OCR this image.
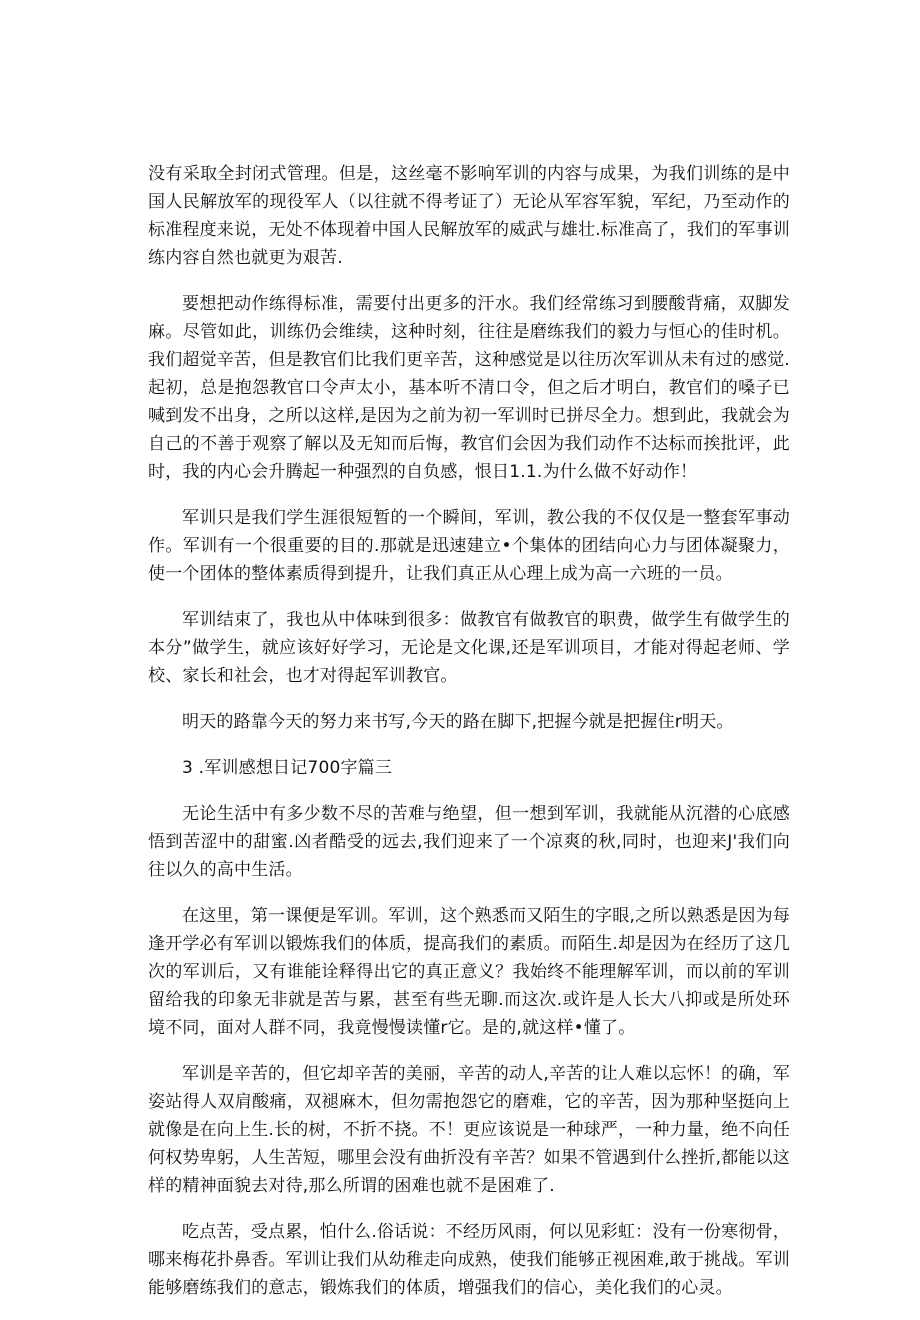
没有采取全封闭式管理。但是，这丝毫不影响军训的内容与成果，为我们训练的是中国人民解放军的现役军人（以往就不得考证了）无论从军容军貌，军纪，乃至动作的标准程度来说，无处不体现着中国人民解放军的威武与雄壮.标准高了，我们的军事训练内容自然也就更为艰苦.

要想把动作练得标准，需要付出更多的汗水。我们经常练习到腰酸背痛，双脚发麻。尽管如此，训练仍会维续，这种时刻，往往是磨练我们的毅力与恒心的佳时机。我们超觉辛苦，但是教官们比我们更辛苦，这种感觉是以往历次军训从未有过的感觉.起初，总是抱怨教官口令声太小，基本听不清口令，但之后才明白，教官们的嗓子已喊到发不出身，之所以这样,是因为之前为初一军训时已拼尽全力。想到此，我就会为自己的不善于观察了解以及无知而后悔，教官们会因为我们动作不达标而挨批评，此时，我的内心会升腾起一种强烈的自负感，恨日1.1.为什么做不好动作！

军训只是我们学生涯很短暂的一个瞬间，军训，教公我的不仅仅是一整套军事动作。军训有一个很重要的目的.那就是迅速建立•个集体的团结向心力与团体凝聚力，使一个团体的整体素质得到提升，让我们真正从心理上成为高一六班的一员。

军训结束了，我也从中体味到很多：做教官有做教官的职费，做学生有做学生的本分”做学生，就应该好好学习，无论是文化课,还是军训项目，才能对得起老师、学校、家长和社会，也才对得起军训教官。

明天的路靠今天的努力来书写,今天的路在脚下,把握今就是把握住r明天。

3 .军训感想日记700字篇三

无论生活中有多少数不尽的苦难与绝望，但一想到军训，我就能从沉潜的心底感悟到苦涩中的甜蜜.凶者酷受的远去,我们迎来了一个凉爽的秋,同时，也迎来J'我们向往以久的高中生活。

在这里，第一课便是军训。军训，这个熟悉而又陌生的字眼,之所以熟悉是因为每逢开学必有军训以锻炼我们的体质，提高我们的素质。而陌生.却是因为在经历了这几次的军训后，又有谁能诠释得出它的真正意义？我始终不能理解军训，而以前的军训留给我的印象无非就是苦与累，甚至有些无聊.而这次.或许是人长大八抑或是所处环境不同，面对人群不同，我竟慢慢读懂r它。是的,就这样•懂了。

军训是辛苦的，但它却辛苦的美丽，辛苦的动人,辛苦的让人难以忘怀！的确，军姿站得人双肩酸痛，双褪麻木，但勿需抱怨它的磨难，它的辛苦，因为那种坚挺向上就像是在向上生.长的树，不折不挠。不！更应该说是一种球严，一种力量，绝不向任何权势卑躬，人生苦短，哪里会没有曲折没有辛苦？如果不管遇到什么挫折,都能以这样的精神面貌去对待,那么所谓的困难也就不是困难了.

吃点苦，受点累，怕什么.俗话说：不经历风雨，何以见彩虹：没有一份寒彻骨，哪来梅花扑鼻香。军训让我们从幼稚走向成熟，使我们能够正视困难,敢于挑战。军训能够磨练我们的意志，锻炼我们的体质，增强我们的信心，美化我们的心灵。
